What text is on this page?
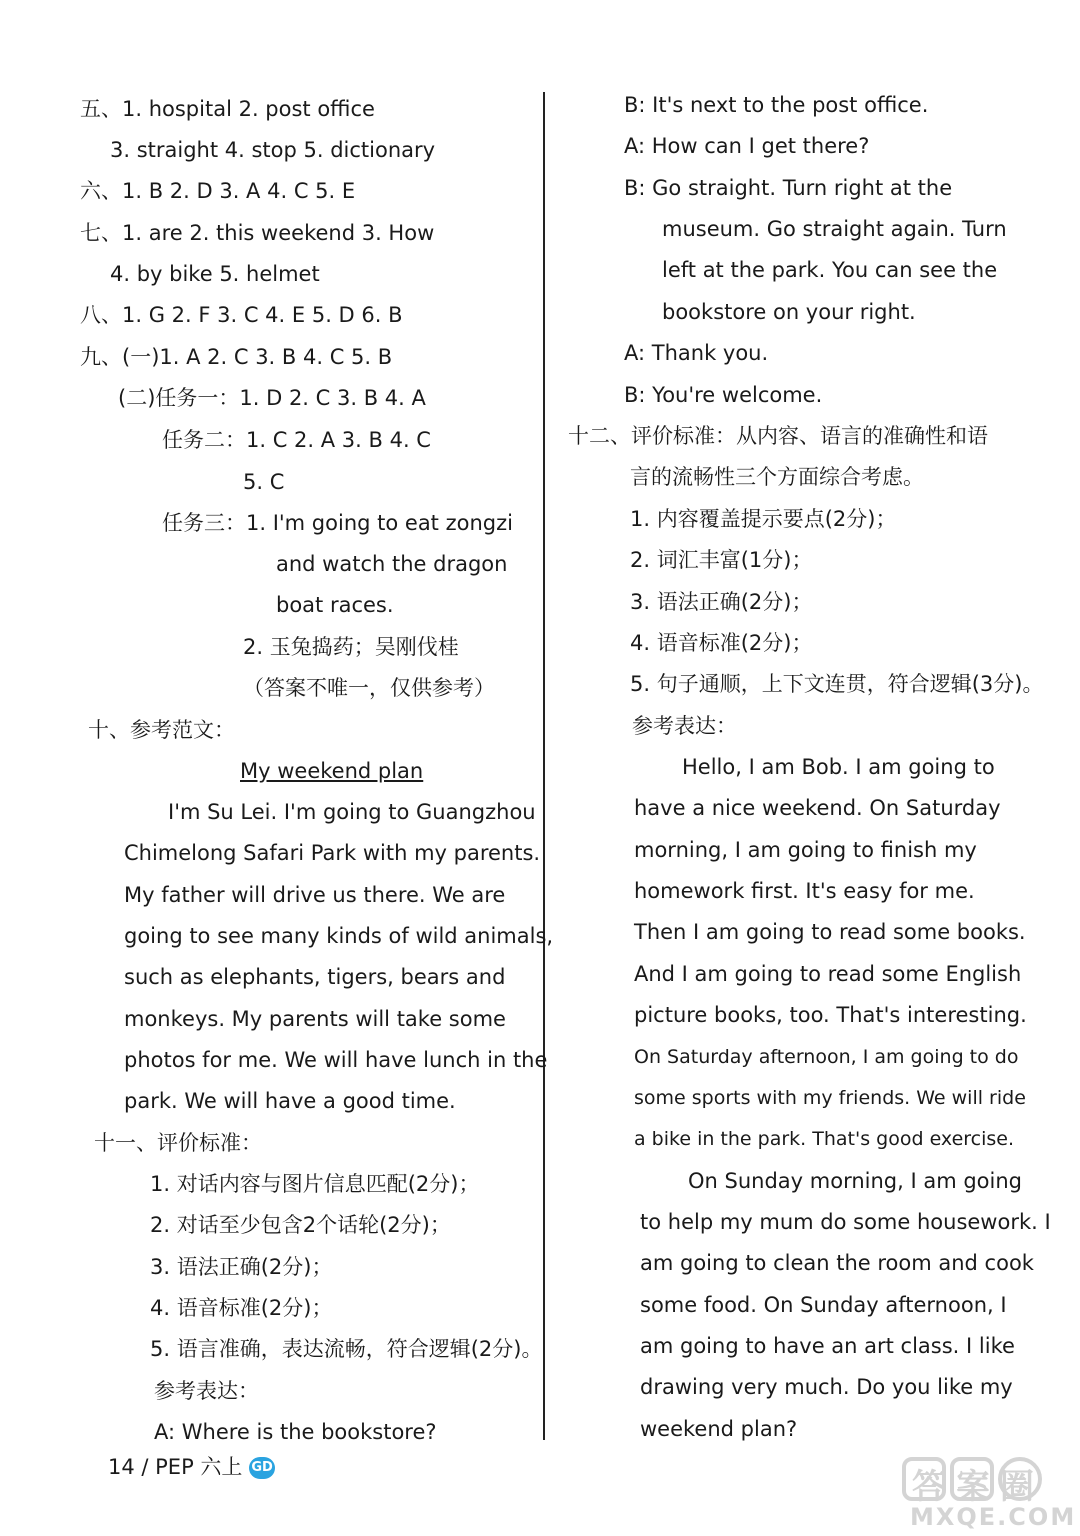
五、1. hospital 2. post office
3. straight 4. stop 5. dictionary
六、1. B 2. D 3. A 4. C 5. E
七、1. are 2. this weekend 3. How
4. by bike 5. helmet
八、1. G 2. F 3. C 4. E 5. D 6. B
九、(一)1. A 2. C 3. B 4. C 5. B
(二)任务一：1. D 2. C 3. B 4. A
任务二：1. C 2. A 3. B 4. C
5. C
任务三：1. I'm going to eat zongzi
and watch the dragon
boat races.
2. 玉兔捣药；吴刚伐桂
（答案不唯一，仅供参考）
十、参考范文：
My weekend plan
I'm Su Lei. I'm going to Guangzhou
Chimelong Safari Park with my parents.
My father will drive us there. We are
going to see many kinds of wild animals,
such as elephants, tigers, bears and
monkeys. My parents will take some
photos for me. We will have lunch in the
park. We will have a good time.
十一、评价标准：
1. 对话内容与图片信息匹配(2分)；
2. 对话至少包含2个话轮(2分)；
3. 语法正确(2分)；
4. 语音标准(2分)；
5. 语言准确，表达流畅，符合逻辑(2分)。
参考表达：
A: Where is the bookstore?
B: It's next to the post office.
A: How can I get there?
B: Go straight. Turn right at the
museum. Go straight again. Turn
left at the park. You can see the
bookstore on your right.
A: Thank you.
B: You're welcome.
十二、评价标准：从内容、语言的准确性和语
言的流畅性三个方面综合考虑。
1. 内容覆盖提示要点(2分)；
2. 词汇丰富(1分)；
3. 语法正确(2分)；
4. 语音标准(2分)；
5. 句子通顺，上下文连贯，符合逻辑(3分)。
参考表达：
Hello, I am Bob. I am going to
have a nice weekend. On Saturday
morning, I am going to finish my
homework first. It's easy for me.
Then I am going to read some books.
And I am going to read some English
picture books, too. That's interesting.
On Saturday afternoon, I am going to do
some sports with my friends. We will ride
a bike in the park. That's good exercise.
On Sunday morning, I am going
to help my mum do some housework. I
am going to clean the room and cook
some food. On Sunday afternoon, I
am going to have an art class. I like
drawing very much. Do you like my
weekend plan?
14 / PEP 六上 GD	答案圈
MXQE.COM
